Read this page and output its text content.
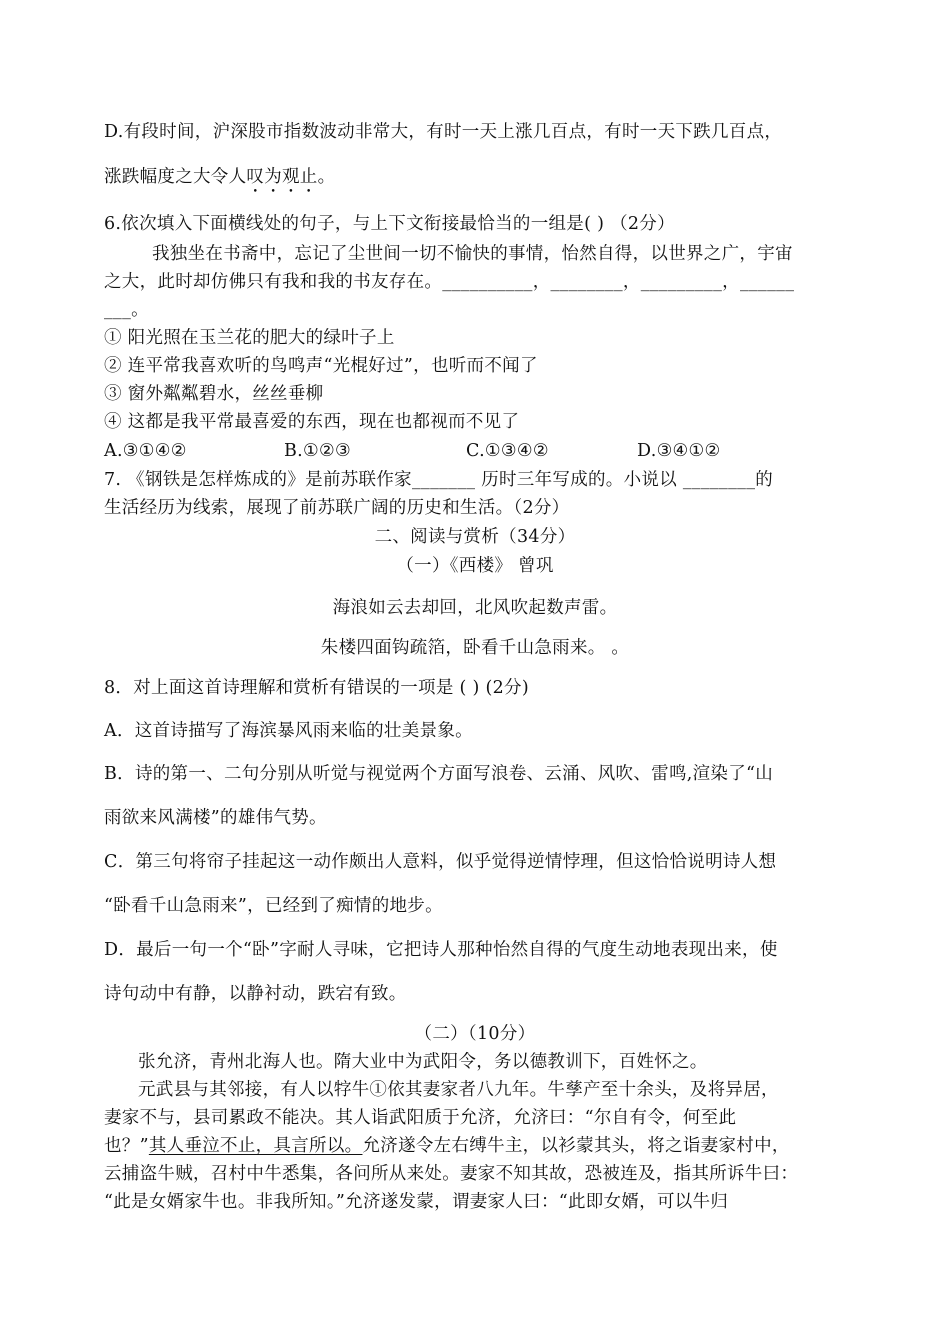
D.有段时间，沪深股市指数波动非常大，有时一天上涨几百点，有时一天下跌几百点，
涨跌幅度之大令人叹为观止。
6.依次填入下面横线处的句子，与上下文衔接最恰当的一组是( ) （2分）
我独坐在书斋中，忘记了尘世间一切不愉快的事情，怡然自得，以世界之广，宇宙
之大，此时却仿佛只有我和我的书友存在。__________，________，_________，______
___。
① 阳光照在玉兰花的肥大的绿叶子上
② 连平常我喜欢听的鸟鸣声“光棍好过”，也听而不闻了
③ 窗外粼粼碧水，丝丝垂柳
④ 这都是我平常最喜爱的东西，现在也都视而不见了
A.③①④②	B.①②③	C.①③④②	D.③④①②
7. 《钢铁是怎样炼成的》是前苏联作家_______ 历时三年写成的。小说以 ________的
生活经历为线索，展现了前苏联广阔的历史和生活。（2分）
二、阅读与赏析（34分）
（一）《西楼》 曾巩
海浪如云去却回，北风吹起数声雷。
朱楼四面钩疏箔，卧看千山急雨来。 。
8．对上面这首诗理解和赏析有错误的一项是 ( ) (2分)
A．这首诗描写了海滨暴风雨来临的壮美景象。
B．诗的第一、二句分别从听觉与视觉两个方面写浪卷、云涌、风吹、雷鸣,渲染了“山
雨欲来风满楼”的雄伟气势。
C．第三句将帘子挂起这一动作颇出人意料，似乎觉得逆情悖理，但这恰恰说明诗人想
“卧看千山急雨来”，已经到了痴情的地步。
D．最后一句一个“卧”字耐人寻味，它把诗人那种怡然自得的气度生动地表现出来，使
诗句动中有静，以静衬动，跌宕有致。
（二）（10分）
张允济，青州北海人也。隋大业中为武阳令，务以德教训下，百姓怀之。
元武县与其邻接，有人以牸牛①依其妻家者八九年。牛孳产至十余头，及将异居，
妻家不与，县司累政不能决。其人诣武阳质于允济，允济曰：“尔自有令，何至此
也？”其人垂泣不止，具言所以。允济遂令左右缚牛主，以衫蒙其头，将之诣妻家村中，
云捕盗牛贼，召村中牛悉集，各问所从来处。妻家不知其故，恐被连及，指其所诉牛曰：
“此是女婿家牛也。非我所知。”允济遂发蒙，谓妻家人曰：“此即女婿，可以牛归
